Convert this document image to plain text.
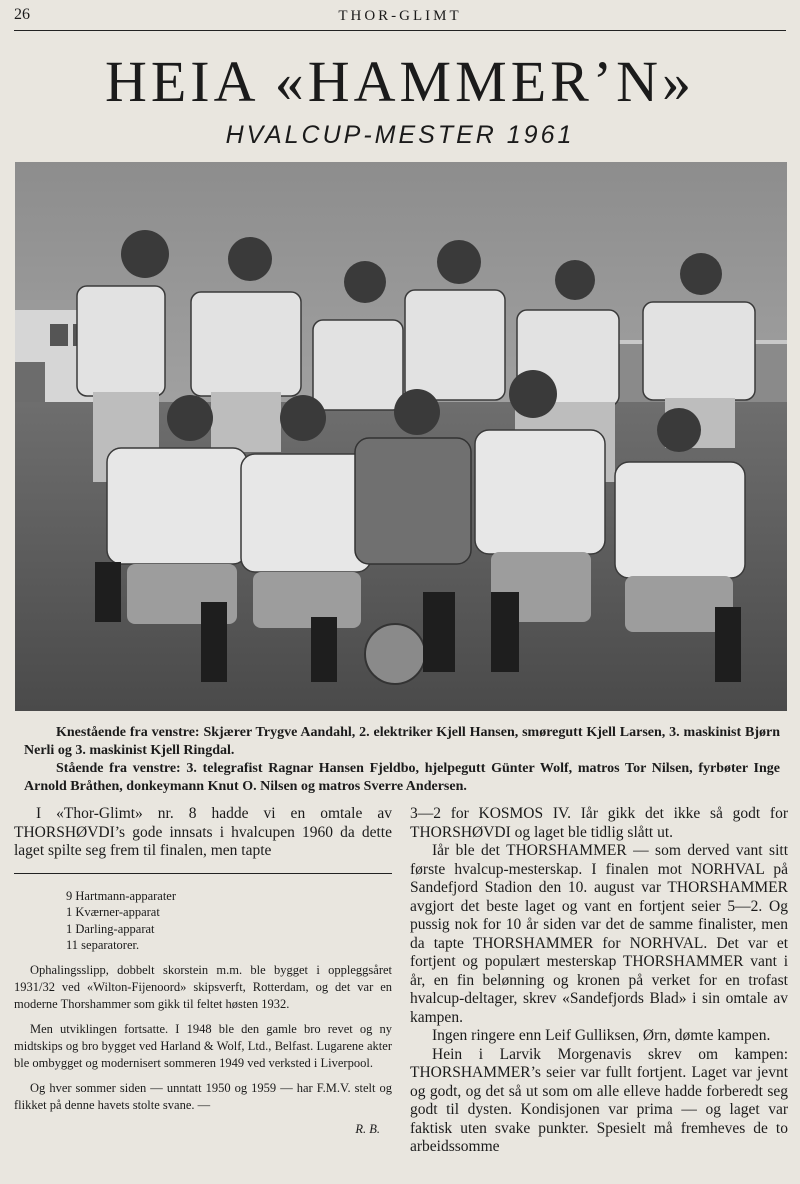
26	THOR-GLIMT
HEIA «HAMMER’N»
HVALCUP-MESTER 1961

Knestående fra venstre: Skjærer Trygve Aandahl, 2. elektriker Kjell Hansen, smøregutt Kjell Larsen, 3. maskinist Bjørn Nerli og 3. maskinist Kjell Ringdal.

Stående fra venstre: 3. telegrafist Ragnar Hansen Fjeldbo, hjelpegutt Günter Wolf, matros Tor Nilsen, fyrbøter Inge Arnold Bråthen, donkeymann Knut O. Nilsen og matros Sverre Andersen.

I «Thor-Glimt» nr. 8 hadde vi en omtale av THORSHØVDI’s gode innsats i hvalcupen 1960 da dette laget spilte seg frem til finalen, men tapte

9 Hartmann-apparater
1 Kværner-apparat
1 Darling-apparat
11 separatorer.

Ophalingsslipp, dobbelt skorstein m.m. ble bygget i oppleggsåret 1931/32 ved «Wilton-Fijenoord» skipsverft, Rotterdam, og det var en moderne Thorshammer som gikk til feltet høsten 1932.

Men utviklingen fortsatte. I 1948 ble den gamle bro revet og ny midtskips og bro bygget ved Harland & Wolf, Ltd., Belfast. Lugarene akter ble ombygget og modernisert sommeren 1949 ved verksted i Liverpool.

Og hver sommer siden — unntatt 1950 og 1959 — har F.M.V. stelt og flikket på denne havets stolte svane. —

R. B.

3—2 for KOSMOS IV. Iår gikk det ikke så godt for THORSHØVDI og laget ble tidlig slått ut.

Iår ble det THORSHAMMER — som derved vant sitt første hvalcup-mesterskap. I finalen mot NORHVAL på Sandefjord Stadion den 10. august var THORSHAMMER avgjort det beste laget og vant en fortjent seier 5—2. Og pussig nok for 10 år siden var det de samme finalister, men da tapte THORSHAMMER for NORHVAL. Det var et fortjent og populært mesterskap THORSHAMMER vant i år, en fin belønning og kronen på verket for en trofast hvalcup-deltager, skrev «Sandefjords Blad» i sin omtale av kampen.

Ingen ringere enn Leif Gulliksen, Ørn, dømte kampen.

Hein i Larvik Morgenavis skrev om kampen: THORSHAMMER’s seier var fullt fortjent. Laget var jevnt og godt, og det så ut som om alle elleve hadde forberedt seg godt til dysten. Kondisjonen var prima — og laget var faktisk uten svake punkter. Spesielt må fremheves de to arbeidssomme
